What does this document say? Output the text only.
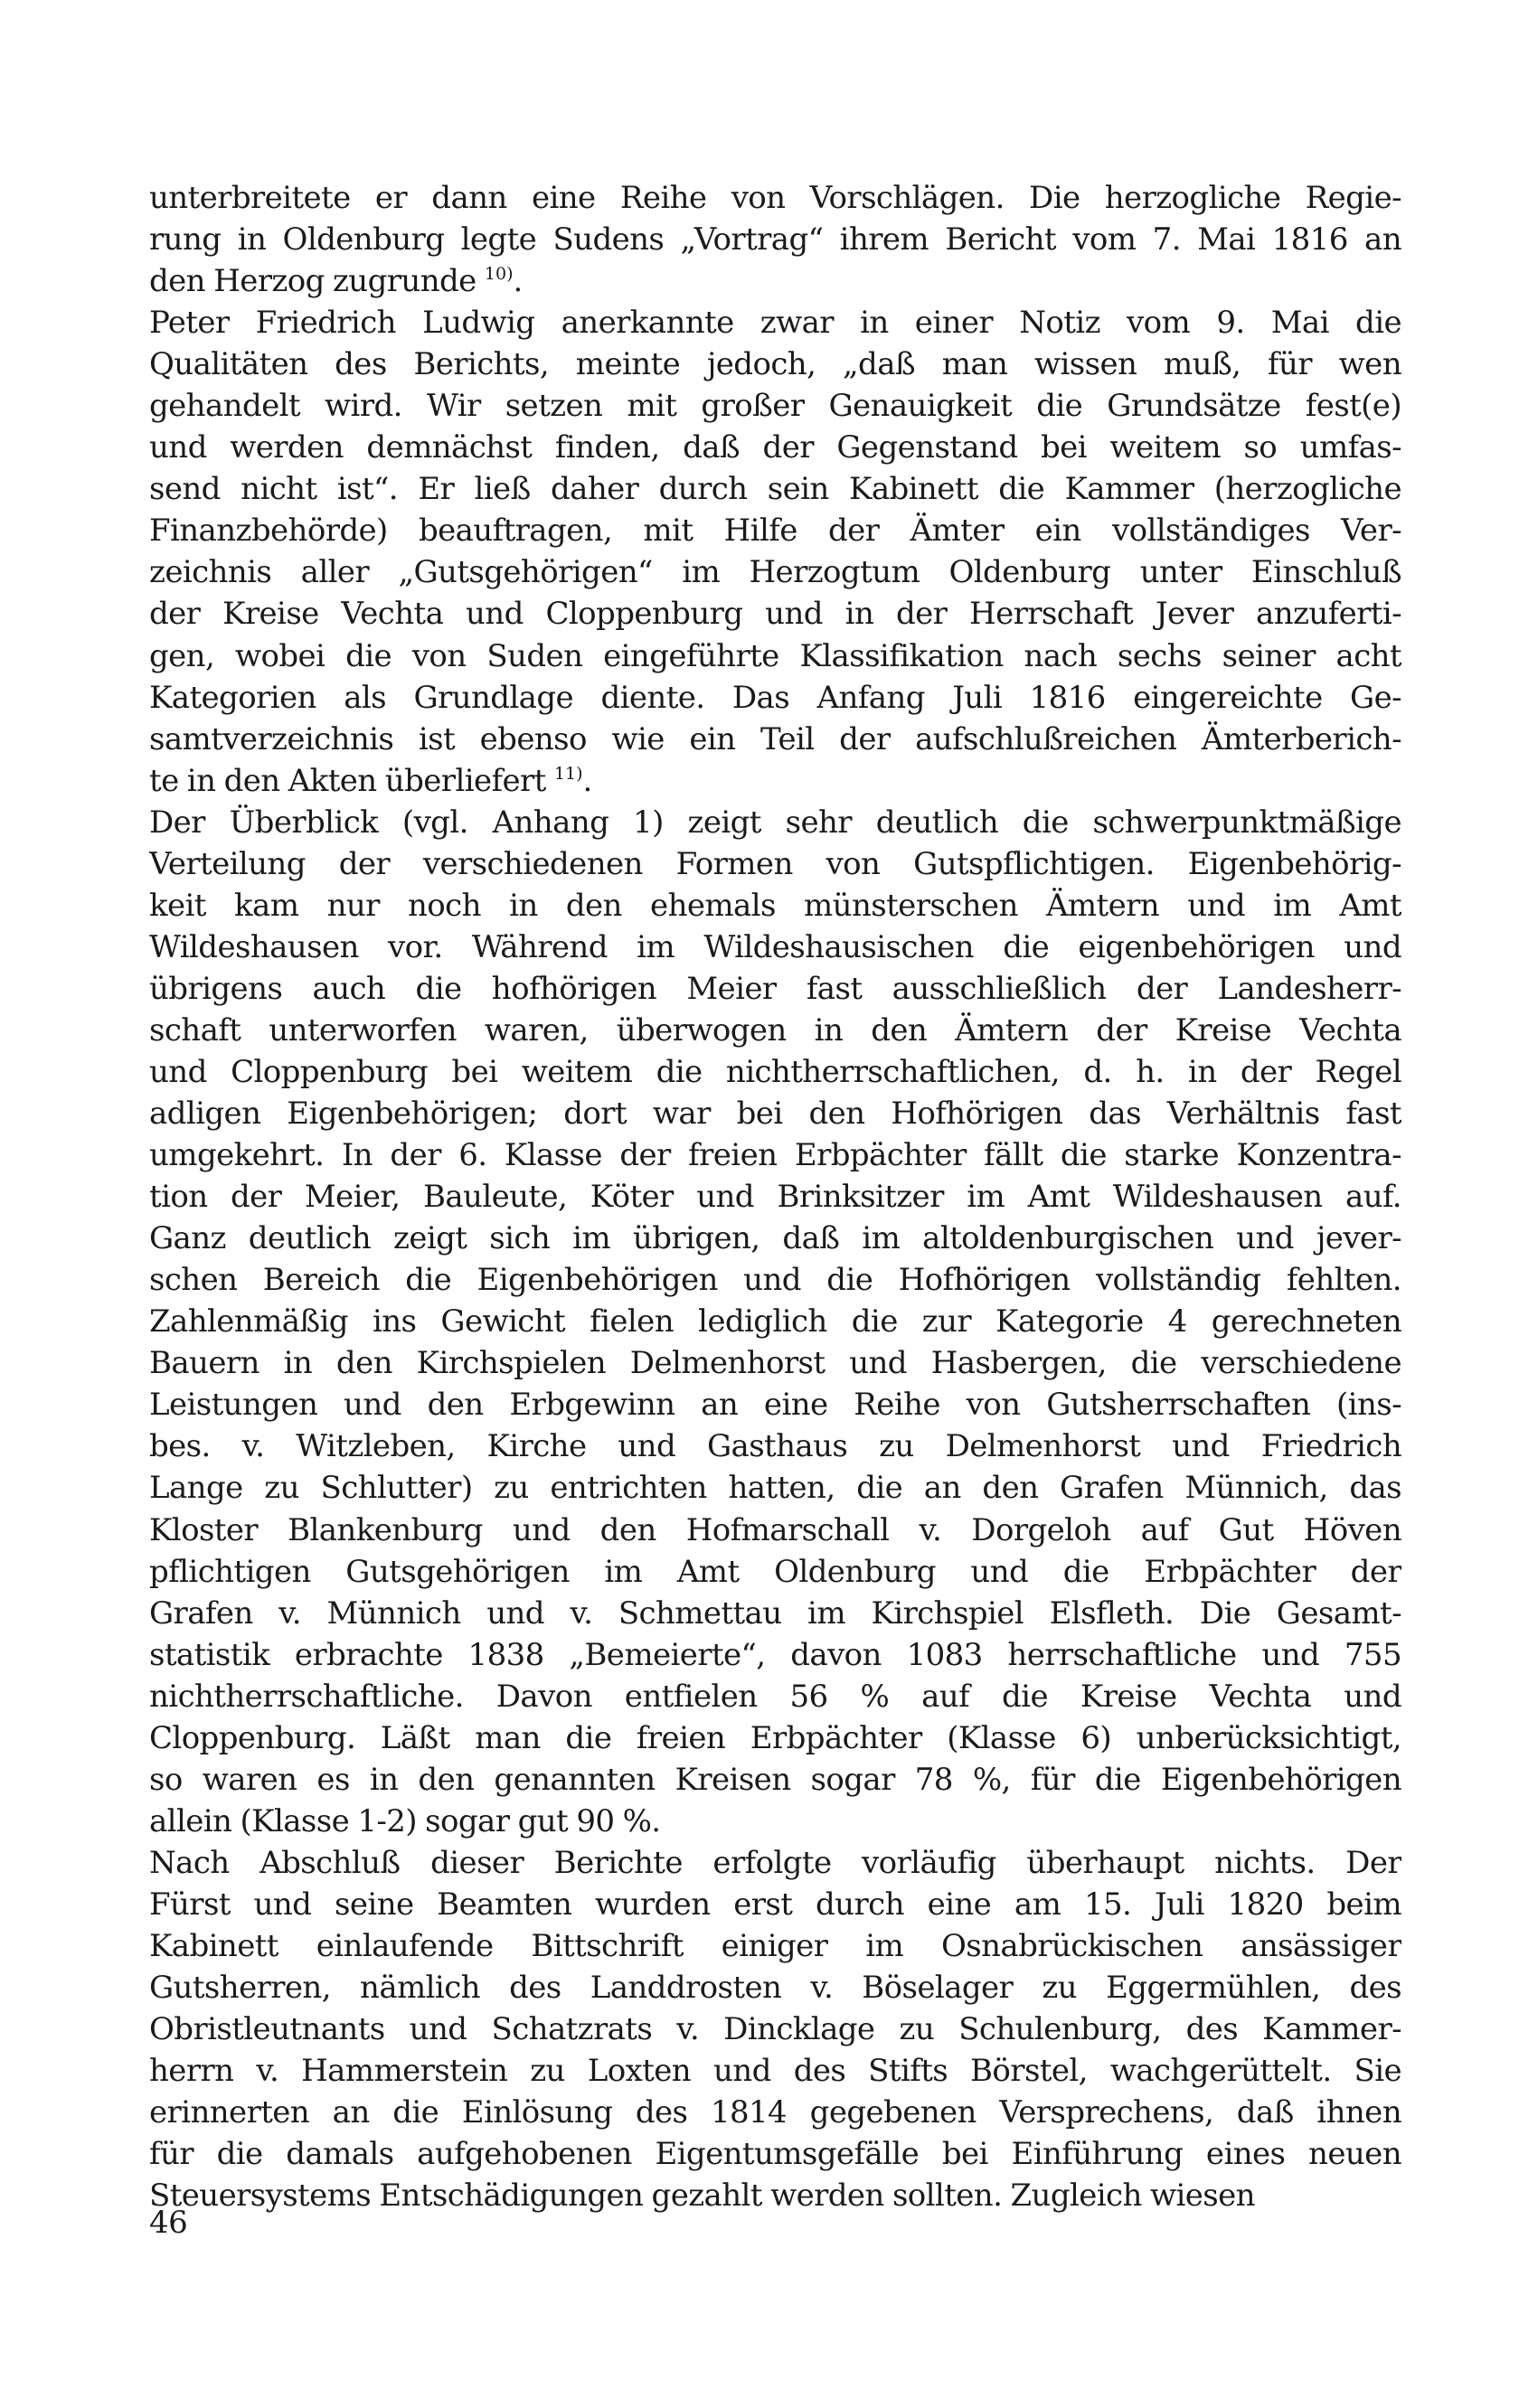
unterbreitete er dann eine Reihe von Vorschlägen. Die herzogliche Regie-
rung in Oldenburg legte Sudens „Vortrag“ ihrem Bericht vom 7. Mai 1816 an
den Herzog zugrunde $^{10)}$.
Peter Friedrich Ludwig anerkannte zwar in einer Notiz vom 9. Mai die
Qualitäten des Berichts, meinte jedoch, „daß man wissen muß, für wen
gehandelt wird. Wir setzen mit großer Genauigkeit die Grundsätze fest(e)
und werden demnächst finden, daß der Gegenstand bei weitem so umfas-
send nicht ist“. Er ließ daher durch sein Kabinett die Kammer (herzogliche
Finanzbehörde) beauftragen, mit Hilfe der Ämter ein vollständiges Ver-
zeichnis aller „Gutsgehörigen“ im Herzogtum Oldenburg unter Einschluß
der Kreise Vechta und Cloppenburg und in der Herrschaft Jever anzuferti-
gen, wobei die von Suden eingeführte Klassifikation nach sechs seiner acht
Kategorien als Grundlage diente. Das Anfang Juli 1816 eingereichte Ge-
samtverzeichnis ist ebenso wie ein Teil der aufschlußreichen Ämterberich-
te in den Akten überliefert $^{11)}$.
Der Überblick (vgl. Anhang 1) zeigt sehr deutlich die schwerpunktmäßige
Verteilung der verschiedenen Formen von Gutspflichtigen. Eigenbehörig-
keit kam nur noch in den ehemals münsterschen Ämtern und im Amt
Wildeshausen vor. Während im Wildeshausischen die eigenbehörigen und
übrigens auch die hofhörigen Meier fast ausschließlich der Landesherr-
schaft unterworfen waren, überwogen in den Ämtern der Kreise Vechta
und Cloppenburg bei weitem die nichtherrschaftlichen, d. h. in der Regel
adligen Eigenbehörigen; dort war bei den Hofhörigen das Verhältnis fast
umgekehrt. In der 6. Klasse der freien Erbpächter fällt die starke Konzentra-
tion der Meier, Bauleute, Köter und Brinksitzer im Amt Wildeshausen auf.
Ganz deutlich zeigt sich im übrigen, daß im altoldenburgischen und jever-
schen Bereich die Eigenbehörigen und die Hofhörigen vollständig fehlten.
Zahlenmäßig ins Gewicht fielen lediglich die zur Kategorie 4 gerechneten
Bauern in den Kirchspielen Delmenhorst und Hasbergen, die verschiedene
Leistungen und den Erbgewinn an eine Reihe von Gutsherrschaften (ins-
bes. v. Witzleben, Kirche und Gasthaus zu Delmenhorst und Friedrich
Lange zu Schlutter) zu entrichten hatten, die an den Grafen Münnich, das
Kloster Blankenburg und den Hofmarschall v. Dorgeloh auf Gut Höven
pflichtigen Gutsgehörigen im Amt Oldenburg und die Erbpächter der
Grafen v. Münnich und v. Schmettau im Kirchspiel Elsfleth. Die Gesamt-
statistik erbrachte 1838 „Bemeierte“, davon 1083 herrschaftliche und 755
nichtherrschaftliche. Davon entfielen 56 % auf die Kreise Vechta und
Cloppenburg. Läßt man die freien Erbpächter (Klasse 6) unberücksichtigt,
so waren es in den genannten Kreisen sogar 78 %, für die Eigenbehörigen
allein (Klasse 1-2) sogar gut 90 %.
Nach Abschluß dieser Berichte erfolgte vorläufig überhaupt nichts. Der
Fürst und seine Beamten wurden erst durch eine am 15. Juli 1820 beim
Kabinett einlaufende Bittschrift einiger im Osnabrückischen ansässiger
Gutsherren, nämlich des Landdrosten v. Böselager zu Eggermühlen, des
Obristleutnants und Schatzrats v. Dincklage zu Schulenburg, des Kammer-
herrn v. Hammerstein zu Loxten und des Stifts Börstel, wachgerüttelt. Sie
erinnerten an die Einlösung des 1814 gegebenen Versprechens, daß ihnen
für die damals aufgehobenen Eigentumsgefälle bei Einführung eines neuen
Steuersystems Entschädigungen gezahlt werden sollten. Zugleich wiesen
46
